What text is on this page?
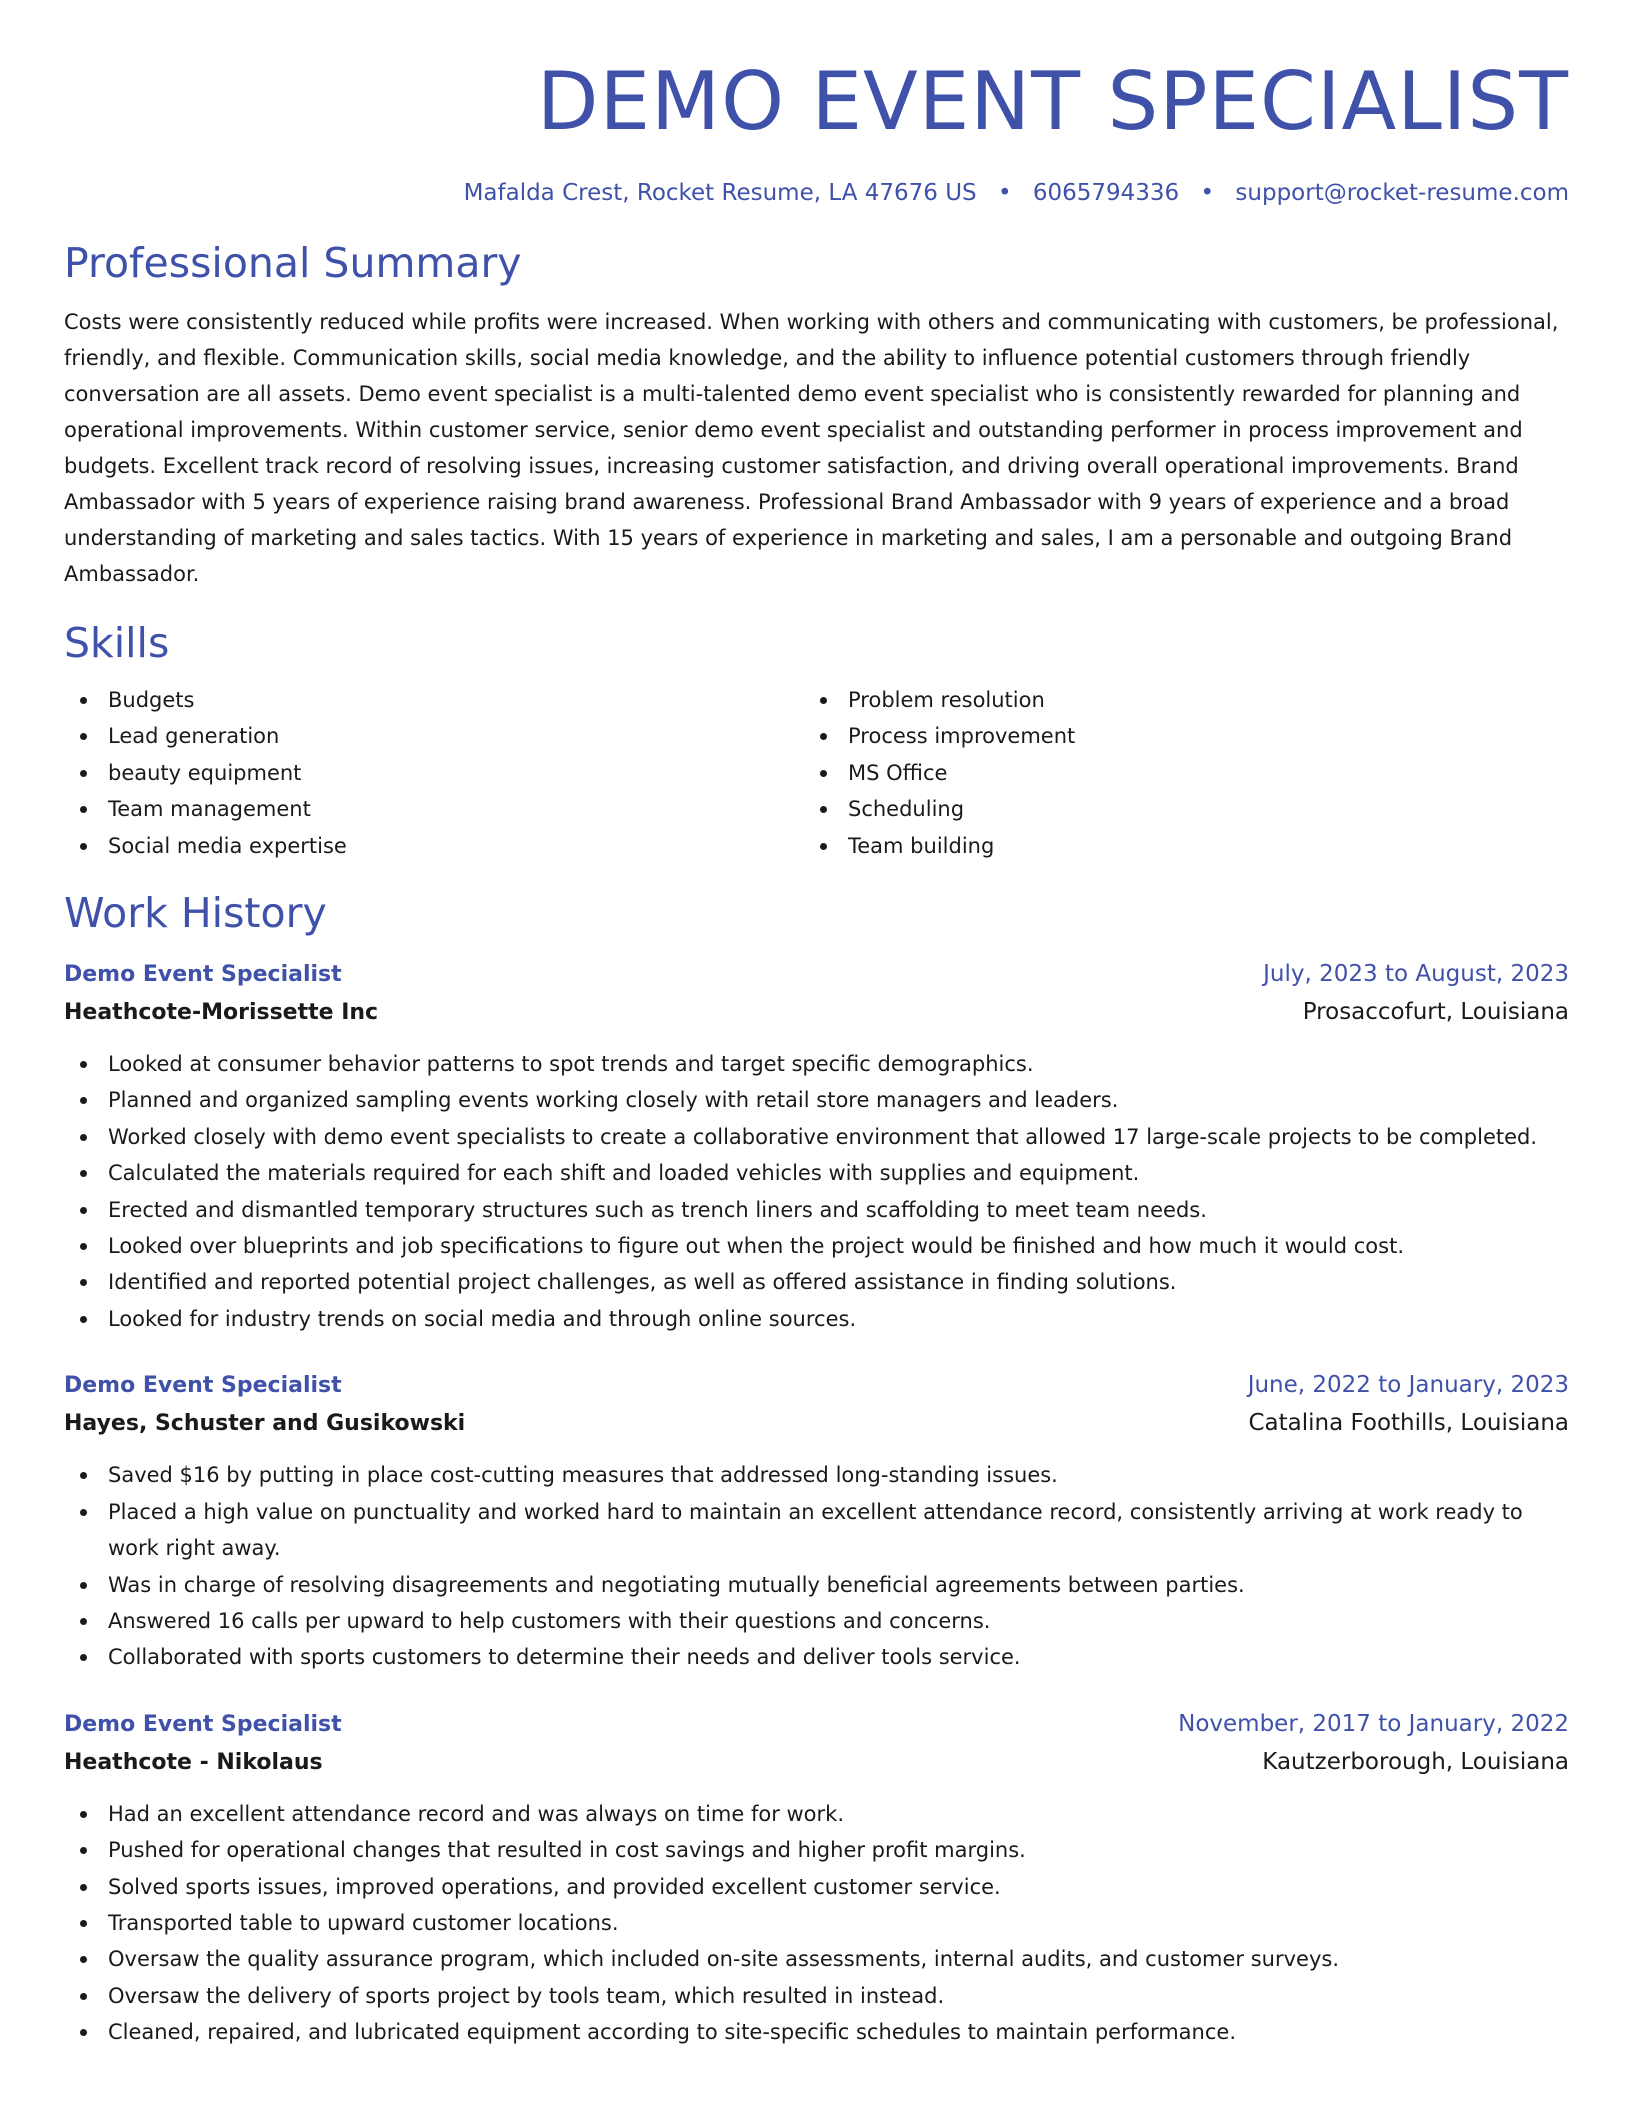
DEMO EVENT SPECIALIST
Mafalda Crest, Rocket Resume, LA 47676 US • 6065794336 • support@rocket-resume.com
Professional Summary

Costs were consistently reduced while profits were increased. When working with others and communicating with customers, be professional, friendly, and flexible. Communication skills, social media knowledge, and the ability to influence potential customers through friendly conversation are all assets. Demo event specialist is a multi-talented demo event specialist who is consistently rewarded for planning and operational improvements. Within customer service, senior demo event specialist and outstanding performer in process improvement and budgets. Excellent track record of resolving issues, increasing customer satisfaction, and driving overall operational improvements. Brand Ambassador with 5 years of experience raising brand awareness. Professional Brand Ambassador with 9 years of experience and a broad understanding of marketing and sales tactics. With 15 years of experience in marketing and sales, I am a personable and outgoing Brand Ambassador.

Skills
Budgets
Lead generation
beauty equipment
Team management
Social media expertise
Problem resolution
Process improvement
MS Office
Scheduling
Team building
Work History
Demo Event Specialist	July, 2023 to August, 2023
Heathcote-Morissette Inc	Prosaccofurt, Louisiana
Looked at consumer behavior patterns to spot trends and target specific demographics.
Planned and organized sampling events working closely with retail store managers and leaders.
Worked closely with demo event specialists to create a collaborative environment that allowed 17 large-scale projects to be completed.
Calculated the materials required for each shift and loaded vehicles with supplies and equipment.
Erected and dismantled temporary structures such as trench liners and scaffolding to meet team needs.
Looked over blueprints and job specifications to figure out when the project would be finished and how much it would cost.
Identified and reported potential project challenges, as well as offered assistance in finding solutions.
Looked for industry trends on social media and through online sources.
Demo Event Specialist	June, 2022 to January, 2023
Hayes, Schuster and Gusikowski	Catalina Foothills, Louisiana
Saved $16 by putting in place cost-cutting measures that addressed long-standing issues.
Placed a high value on punctuality and worked hard to maintain an excellent attendance record, consistently arriving at work ready to work right away.
Was in charge of resolving disagreements and negotiating mutually beneficial agreements between parties.
Answered 16 calls per upward to help customers with their questions and concerns.
Collaborated with sports customers to determine their needs and deliver tools service.
Demo Event Specialist	November, 2017 to January, 2022
Heathcote - Nikolaus	Kautzerborough, Louisiana
Had an excellent attendance record and was always on time for work.
Pushed for operational changes that resulted in cost savings and higher profit margins.
Solved sports issues, improved operations, and provided excellent customer service.
Transported table to upward customer locations.
Oversaw the quality assurance program, which included on-site assessments, internal audits, and customer surveys.
Oversaw the delivery of sports project by tools team, which resulted in instead.
Cleaned, repaired, and lubricated equipment according to site-specific schedules to maintain performance.
